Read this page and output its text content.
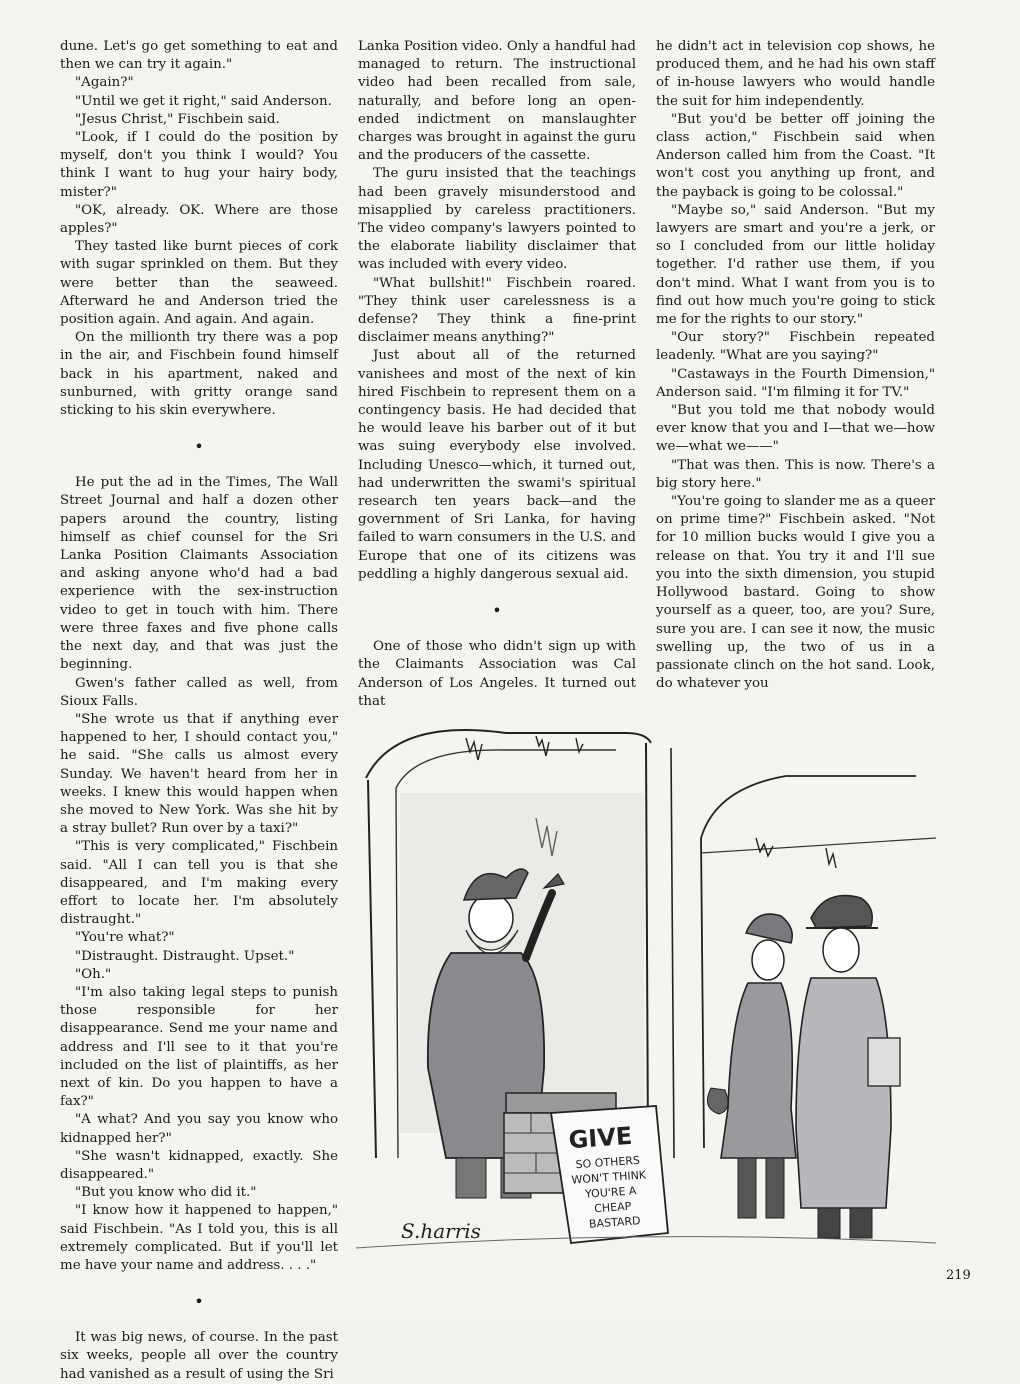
dune. Let's go get something to eat and then we can try it again."

"Again?"

"Until we get it right," said Anderson.

"Jesus Christ," Fischbein said.

"Look, if I could do the position by myself, don't you think I would? You think I want to hug your hairy body, mister?"

"OK, already. OK. Where are those apples?"

They tasted like burnt pieces of cork with sugar sprinkled on them. But they were better than the seaweed. Afterward he and Anderson tried the position again. And again. And again.

On the millionth try there was a pop in the air, and Fischbein found himself back in his apartment, naked and sunburned, with gritty orange sand sticking to his skin everywhere.

•

He put the ad in the Times, The Wall Street Journal and half a dozen other papers around the country, listing himself as chief counsel for the Sri Lanka Position Claimants Association and asking anyone who'd had a bad experience with the sex-instruction video to get in touch with him. There were three faxes and five phone calls the next day, and that was just the beginning.

Gwen's father called as well, from Sioux Falls.

"She wrote us that if anything ever happened to her, I should contact you," he said. "She calls us almost every Sunday. We haven't heard from her in weeks. I knew this would happen when she moved to New York. Was she hit by a stray bullet? Run over by a taxi?"

"This is very complicated," Fischbein said. "All I can tell you is that she disappeared, and I'm making every effort to locate her. I'm absolutely distraught."

"You're what?"

"Distraught. Distraught. Upset."

"Oh."

"I'm also taking legal steps to punish those responsible for her disappearance. Send me your name and address and I'll see to it that you're included on the list of plaintiffs, as her next of kin. Do you happen to have a fax?"

"A what? And you say you know who kidnapped her?"

"She wasn't kidnapped, exactly. She disappeared."

"But you know who did it."

"I know how it happened to happen," said Fischbein. "As I told you, this is all extremely complicated. But if you'll let me have your name and address. . . ."

•

It was big news, of course. In the past six weeks, people all over the country had vanished as a result of using the Sri

Lanka Position video. Only a handful had managed to return. The instructional video had been recalled from sale, naturally, and before long an open-ended indictment on manslaughter charges was brought in against the guru and the producers of the cassette.

The guru insisted that the teachings had been gravely misunderstood and misapplied by careless practitioners. The video company's lawyers pointed to the elaborate liability disclaimer that was included with every video.

"What bullshit!" Fischbein roared. "They think user carelessness is a defense? They think a fine-print disclaimer means anything?"

Just about all of the returned vanishees and most of the next of kin hired Fischbein to represent them on a contingency basis. He had decided that he would leave his barber out of it but was suing everybody else involved. Including Unesco—which, it turned out, had underwritten the swami's spiritual research ten years back—and the government of Sri Lanka, for having failed to warn consumers in the U.S. and Europe that one of its citizens was peddling a highly dangerous sexual aid.

•

One of those who didn't sign up with the Claimants Association was Cal Anderson of Los Angeles. It turned out that

he didn't act in television cop shows, he produced them, and he had his own staff of in-house lawyers who would handle the suit for him independently.

"But you'd be better off joining the class action," Fischbein said when Anderson called him from the Coast. "It won't cost you anything up front, and the payback is going to be colossal."

"Maybe so," said Anderson. "But my lawyers are smart and you're a jerk, or so I concluded from our little holiday together. I'd rather use them, if you don't mind. What I want from you is to find out how much you're going to stick me for the rights to our story."

"Our story?" Fischbein repeated leadenly. "What are you saying?"

"Castaways in the Fourth Dimension," Anderson said. "I'm filming it for TV."

"But you told me that nobody would ever know that you and I—that we—how we—what we——"

"That was then. This is now. There's a big story here."

"You're going to slander me as a queer on prime time?" Fischbein asked. "Not for 10 million bucks would I give you a release on that. You try it and I'll sue you into the sixth dimension, you stupid Hollywood bastard. Going to show yourself as a queer, too, are you? Sure, sure you are. I can see it now, the music swelling up, the two of us in a passionate clinch on the hot sand. Look, do whatever you

GIVE
SO OTHERS
WON'T THINK
YOU'RE A
CHEAP
BASTARD
S.harris
219
